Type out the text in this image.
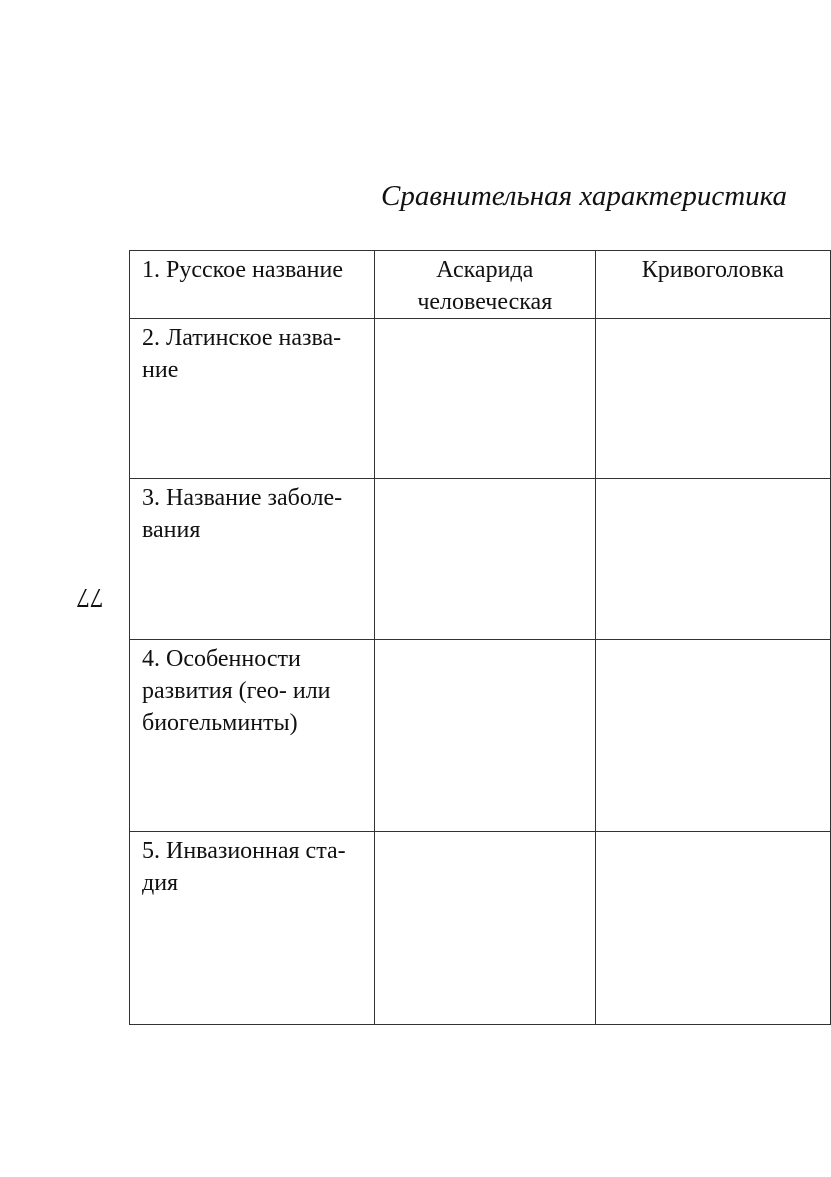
Сравнительная характеристика
77
1. Русское название	Аскарида человеческая	Кривоголовка
2. Латинское назва-ние		
3. Название заболе-вания		
4. Особенности развития (гео- или биогельминты)		
5. Инвазионная ста-дия		
